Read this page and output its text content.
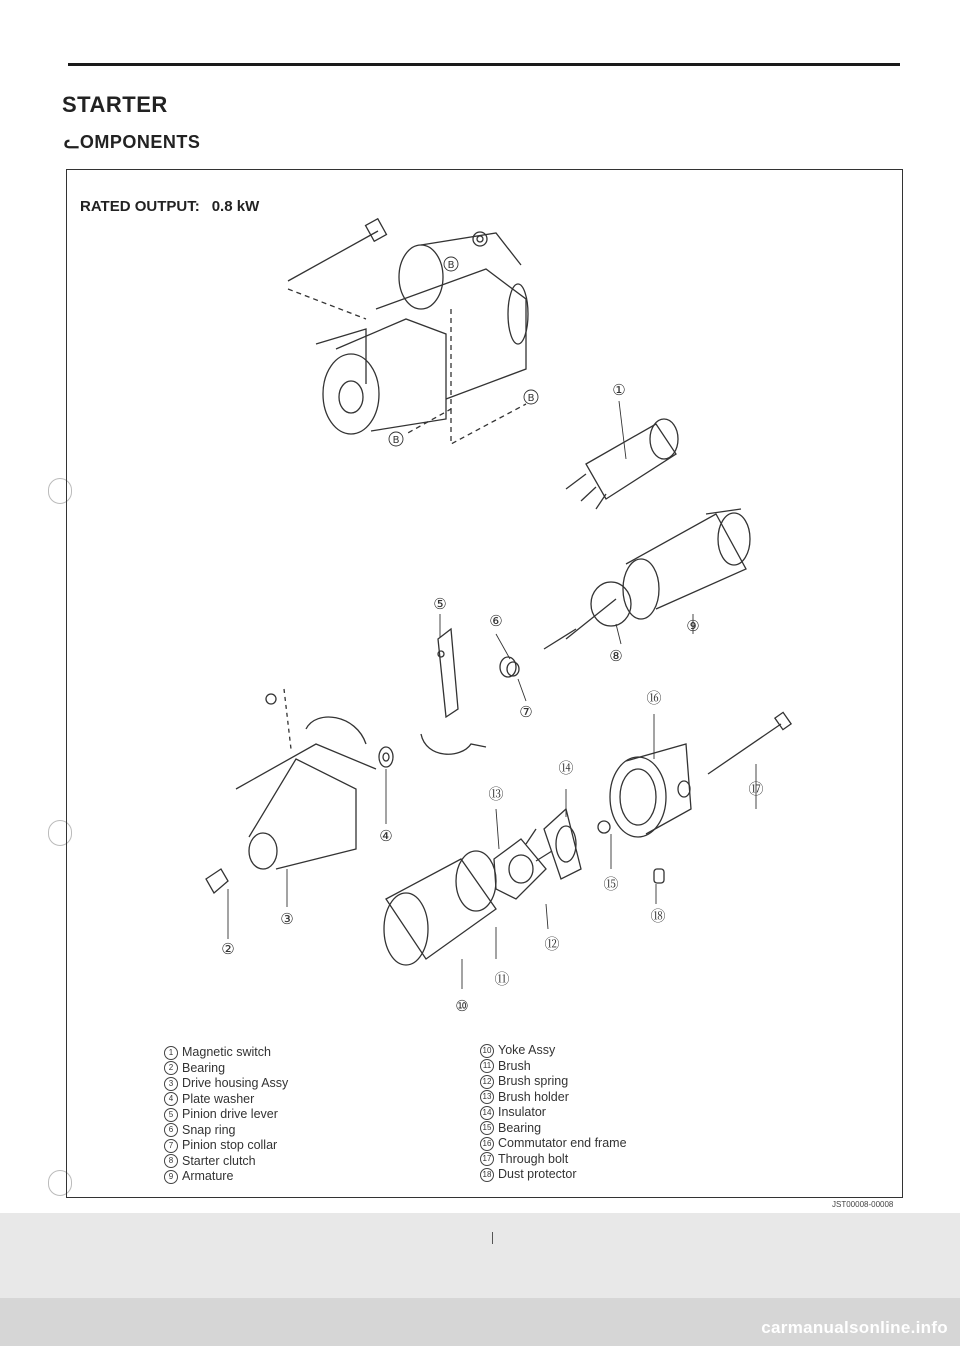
STARTER
ᓚOMPONENTS
RATED OUTPUT: 0.8 kW
①
②
③
④
⑤
⑥
⑦
⑧
⑨
⑩
⑪
⑫
⑬
⑭
⑮
⑯
⑰
⑱
B
B
B
1 Magnetic switch
2 Bearing
3 Drive housing Assy
4 Plate washer
5 Pinion drive lever
6 Snap ring
7 Pinion stop collar
8 Starter clutch
9 Armature
10 Yoke Assy
11 Brush
12 Brush spring
13 Brush holder
14 Insulator
15 Bearing
16 Commutator end frame
17 Through bolt
18 Dust protector
JST00008-00008
carmanualsonline.info
